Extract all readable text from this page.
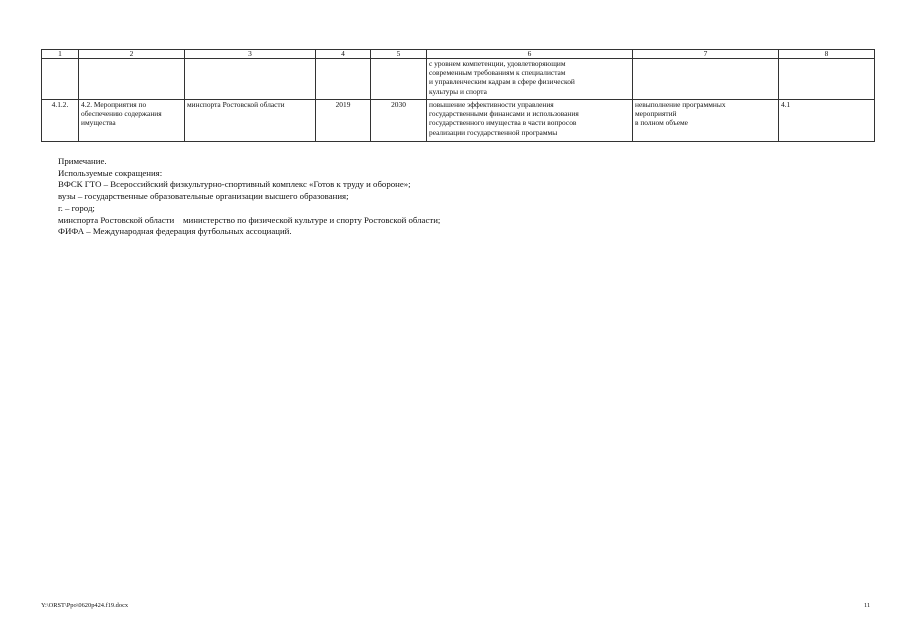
1	2	3	4	5	6	7	8

					с уровнем компетенции, удовлетворяющим
современным требованиям к специалистам
и управленческим кадрам в сфере физической
культуры и спорта		

4.1.2.	4.2. Мероприятия по
обеспечению содержания
имущества	минспорта Ростовской области	2019	2030	повышение эффективности управления
государственными финансами и использования
государственного имущества в части вопросов
реализации государственной программы	невыполнение программных
мероприятий
в полном объеме	4.1
Примечание.
Используемые сокращения:
ВФСК ГТО – Всероссийский физкультурно-спортивный комплекс «Готов к труду и обороне»;
вузы – государственные образовательные организации высшего образования;
г. – город;
минспорта Ростовской области    министерство по физической культуре и спорту Ростовской области;
ФИФА – Международная федерация футбольных ассоциаций.
Y:\ORST\Ppo\0620p424.f19.docx	11
